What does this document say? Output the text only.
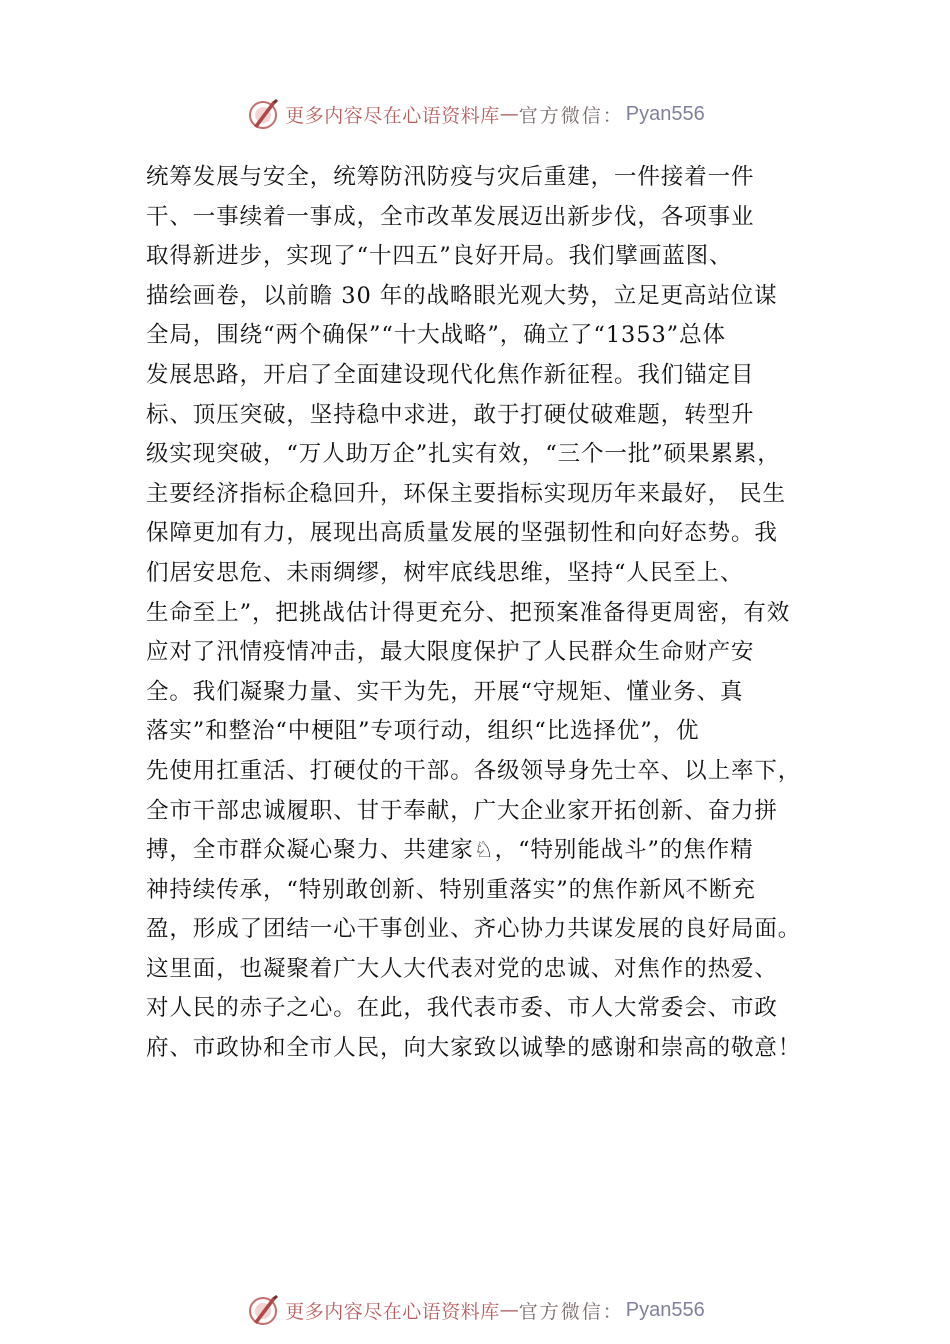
更多内容尽在心语资料库 — 官方微信： Pyan556
统筹发展与安全，统筹防汛防疫与灾后重建，一件接着一件
干、一事续着一事成，全市改革发展迈出新步伐，各项事业
取得新进步，实现了“十四五”良好开局。我们擘画蓝图、
描绘画卷，以前瞻 30 年的战略眼光观大势，立足更高站位谋
全局，围绕“两个确保”“十大战略”，确立了“1353”总体
发展思路，开启了全面建设现代化焦作新征程。我们锚定目
标、顶压突破，坚持稳中求进，敢于打硬仗破难题，转型升
级实现突破，“万人助万企”扎实有效，“三个一批”硕果累累，
主要经济指标企稳回升，环保主要指标实现历年来最好， 民生
保障更加有力，展现出高质量发展的坚强韧性和向好态势。我
们居安思危、未雨绸缪，树牢底线思维，坚持“人民至上、
生命至上”，把挑战估计得更充分、把预案准备得更周密，有效
应对了汛情疫情冲击，最大限度保护了人民群众生命财产安
全。我们凝聚力量、实干为先，开展“守规矩、懂业务、真
落实”和整治“中梗阻”专项行动，组织“比选择优”，优
先使用扛重活、打硬仗的干部。各级领导身先士卒、以上率下，
全市干部忠诚履职、甘于奉献，广大企业家开拓创新、奋力拼
搏，全市群众凝心聚力、共建家♘，“特别能战斗”的焦作精
神持续传承，“特别敢创新、特别重落实”的焦作新风不断充
盈，形成了团结一心干事创业、齐心协力共谋发展的良好局面。
这里面，也凝聚着广大人大代表对党的忠诚、对焦作的热爱、
对人民的赤子之心。在此，我代表市委、市人大常委会、市政
府、市政协和全市人民，向大家致以诚挚的感谢和崇高的敬意！
更多内容尽在心语资料库 — 官方微信： Pyan556
